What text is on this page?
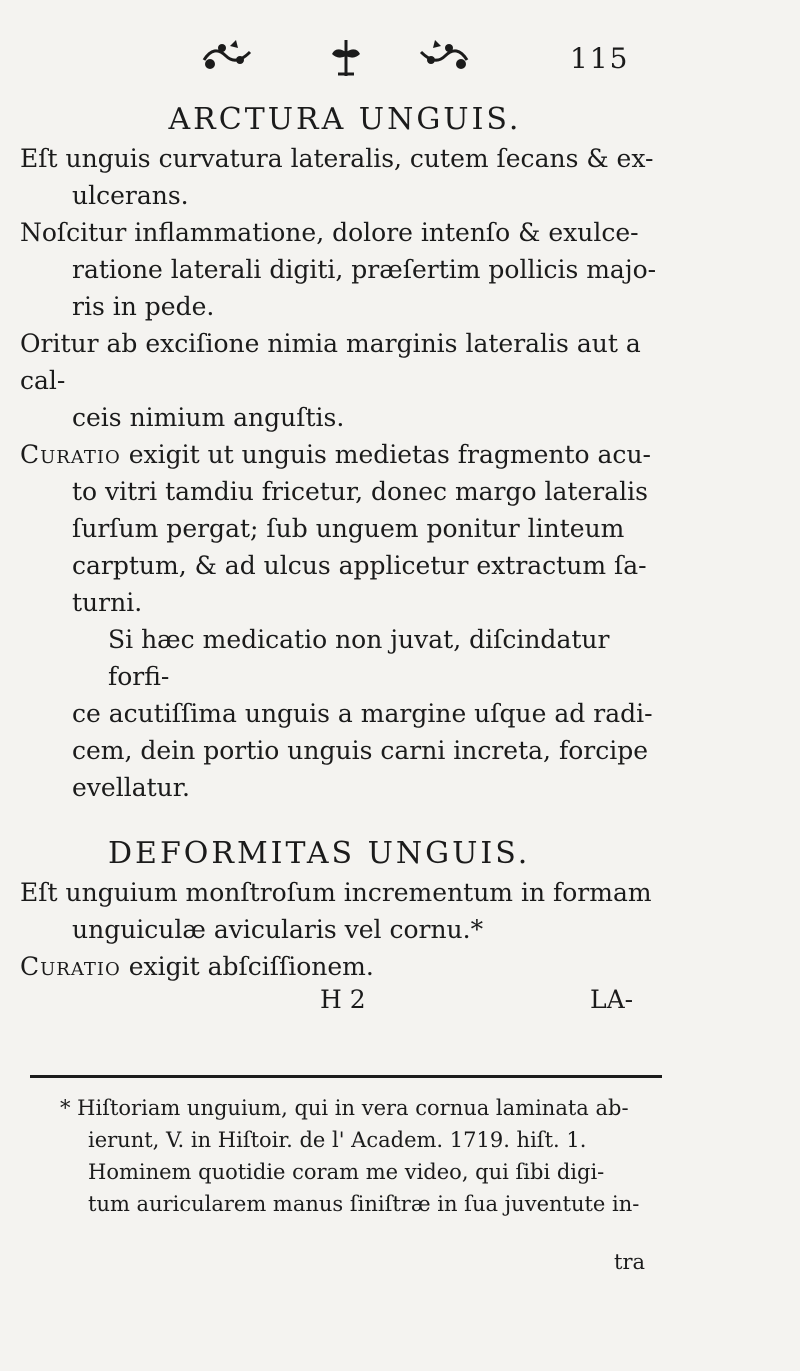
115
ARCTURA UNGUIS.
Eſt unguis curvatura lateralis, cutem ſecans & ex-
ulcerans.
Noſcitur inflammatione, dolore intenſo & exulce-
ratione laterali digiti, præſertim pollicis majo-
ris in pede.
Oritur ab exciſione nimia marginis lateralis aut a cal-
ceis nimium anguſtis.
Curatio exigit ut unguis medietas fragmento acu-
to vitri tamdiu fricetur, donec margo lateralis
ſurſum pergat; ſub unguem ponitur linteum
carptum, & ad ulcus applicetur extractum ſa-
turni.
Si hæc medicatio non juvat, diſcindatur forfi-
ce acutiſſima unguis a margine uſque ad radi-
cem, dein portio unguis carni increta, forcipe
evellatur.
DEFORMITAS UNGUIS.
Eſt unguium monſtroſum incrementum in formam
unguiculæ avicularis vel cornu.*
Curatio exigit abſciſſionem.
H 2	LA-
* Hiſtoriam unguium, qui in vera cornua laminata ab-
ierunt, V. in Hiſtoir. de l' Academ. 1719. hiſt. 1.
Hominem quotidie coram me video, qui ſibi digi-
tum auricularem manus ſiniſtræ in ſua juventute in-
tra
